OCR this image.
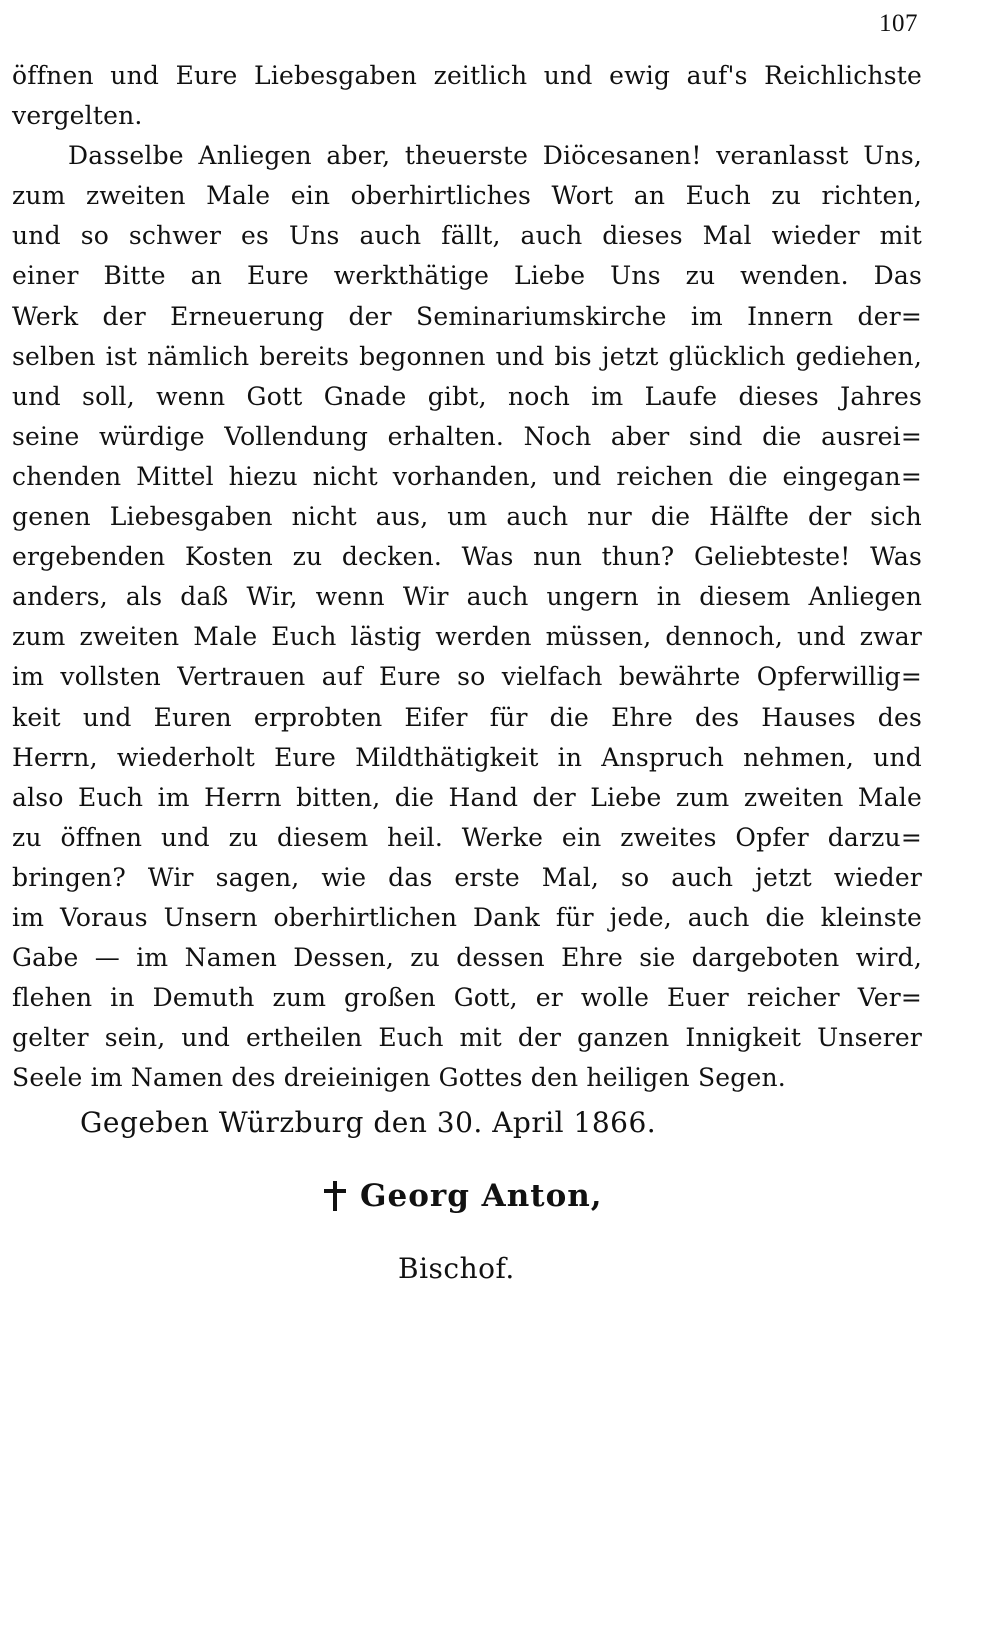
107
öffnen und Eure Liebesgaben zeitlich und ewig auf's Reichlichste
vergelten.
Dasselbe Anliegen aber, theuerste Diöcesanen! veranlasst Uns,
zum zweiten Male ein oberhirtliches Wort an Euch zu richten,
und so schwer es Uns auch fällt, auch dieses Mal wieder mit
einer Bitte an Eure werkthätige Liebe Uns zu wenden. Das
Werk der Erneuerung der Seminariumskirche im Innern der=
selben ist nämlich bereits begonnen und bis jetzt glücklich gediehen,
und soll, wenn Gott Gnade gibt, noch im Laufe dieses Jahres
seine würdige Vollendung erhalten. Noch aber sind die ausrei=
chenden Mittel hiezu nicht vorhanden, und reichen die eingegan=
genen Liebesgaben nicht aus, um auch nur die Hälfte der sich
ergebenden Kosten zu decken. Was nun thun? Geliebteste! Was
anders, als daß Wir, wenn Wir auch ungern in diesem Anliegen
zum zweiten Male Euch lästig werden müssen, dennoch, und zwar
im vollsten Vertrauen auf Eure so vielfach bewährte Opferwillig=
keit und Euren erprobten Eifer für die Ehre des Hauses des
Herrn, wiederholt Eure Mildthätigkeit in Anspruch nehmen, und
also Euch im Herrn bitten, die Hand der Liebe zum zweiten Male
zu öffnen und zu diesem heil. Werke ein zweites Opfer darzu=
bringen? Wir sagen, wie das erste Mal, so auch jetzt wieder
im Voraus Unsern oberhirtlichen Dank für jede, auch die kleinste
Gabe — im Namen Dessen, zu dessen Ehre sie dargeboten wird,
flehen in Demuth zum großen Gott, er wolle Euer reicher Ver=
gelter sein, und ertheilen Euch mit der ganzen Innigkeit Unserer
Seele im Namen des dreieinigen Gottes den heiligen Segen.
Gegeben Würzburg den 30. April 1866.
Georg Anton,
Bischof.
